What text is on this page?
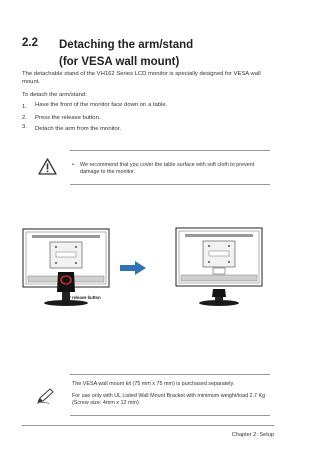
2.2 Detaching the arm/stand
(for VESA wall mount)
The detachable stand of the VH162 Series LCD monitor is specially designed for VESA wall mount.
To detach the arm/stand:
1. Have the front of the monitor face down on a table.
2. Press the release button.
3. Detach the arm from the monitor.
• We recommend that you cover the table surface with soft cloth to prevent damage to the monitor.
release button
The VESA wall mount kit (75 mm x 75 mm) is purchased separately.
For use only with UL Listed Wall Mount Bracket with minimum weight/load 2.7 Kg (Screw size: 4mm x 12 mm)
Chapter 2: Setup
